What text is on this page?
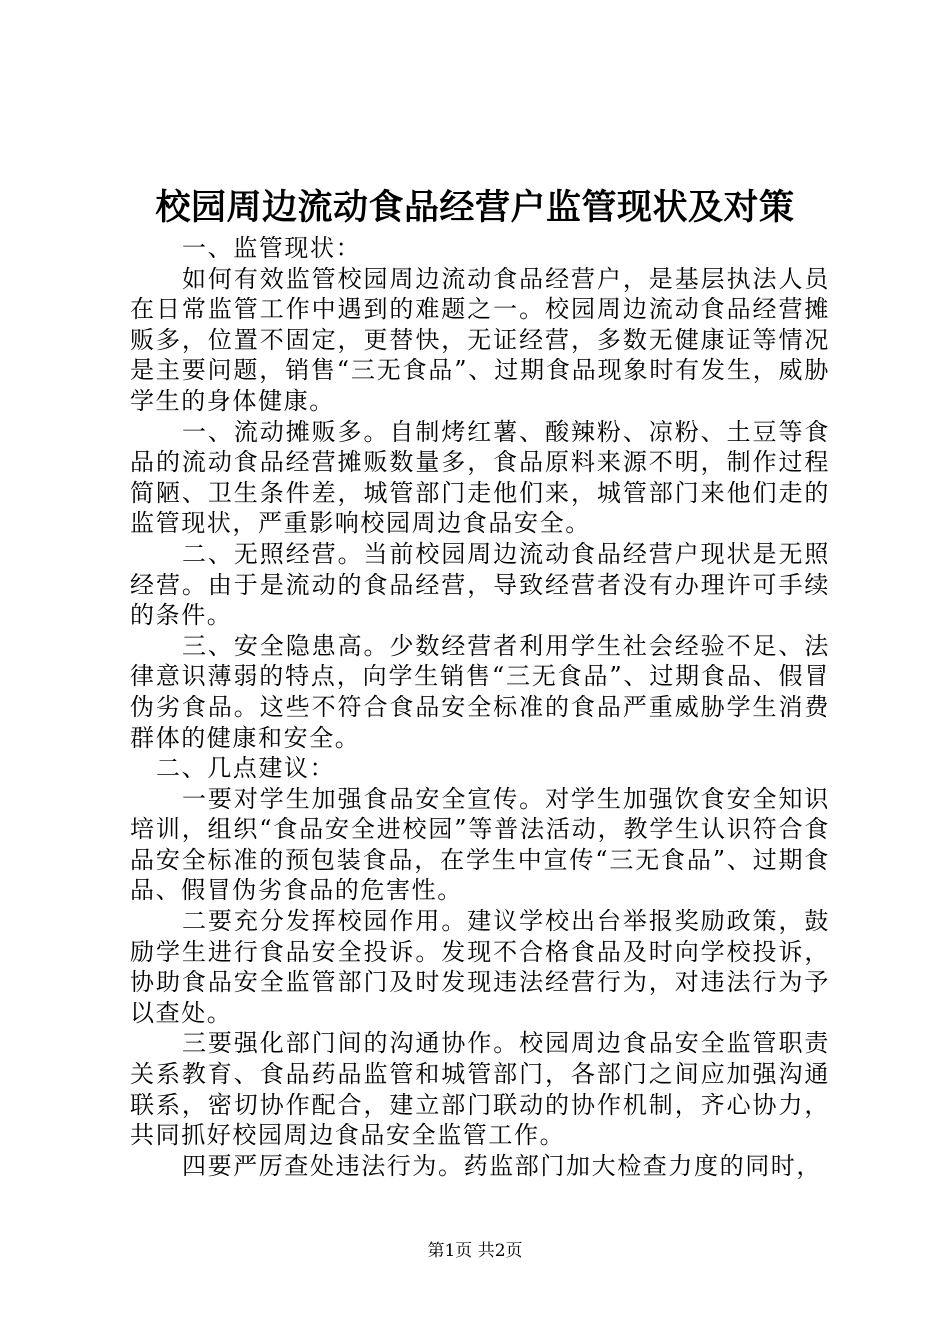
校园周边流动食品经营户监管现状及对策
一、监管现状：

如何有效监管校园周边流动食品经营户，是基层执法人员在日常监管工作中遇到的难题之一。校园周边流动食品经营摊贩多，位置不固定，更替快，无证经营，多数无健康证等情况是主要问题，销售“三无食品”、过期食品现象时有发生，威胁学生的身体健康。

一、流动摊贩多。自制烤红薯、酸辣粉、凉粉、土豆等食品的流动食品经营摊贩数量多，食品原料来源不明，制作过程简陋、卫生条件差，城管部门走他们来，城管部门来他们走的监管现状，严重影响校园周边食品安全。

二、无照经营。当前校园周边流动食品经营户现状是无照经营。由于是流动的食品经营，导致经营者没有办理许可手续的条件。

三、安全隐患高。少数经营者利用学生社会经验不足、法律意识薄弱的特点，向学生销售“三无食品”、过期食品、假冒伪劣食品。这些不符合食品安全标准的食品严重威胁学生消费群体的健康和安全。

二、几点建议：

一要对学生加强食品安全宣传。对学生加强饮食安全知识培训，组织“食品安全进校园”等普法活动，教学生认识符合食品安全标准的预包装食品，在学生中宣传“三无食品”、过期食品、假冒伪劣食品的危害性。

二要充分发挥校园作用。建议学校出台举报奖励政策，鼓励学生进行食品安全投诉。发现不合格食品及时向学校投诉，协助食品安全监管部门及时发现违法经营行为，对违法行为予以查处。

三要强化部门间的沟通协作。校园周边食品安全监管职责关系教育、食品药品监管和城管部门，各部门之间应加强沟通联系，密切协作配合，建立部门联动的协作机制，齐心协力，共同抓好校园周边食品安全监管工作。

四要严厉查处违法行为。药监部门加大检查力度的同时，

第1页 共2页
